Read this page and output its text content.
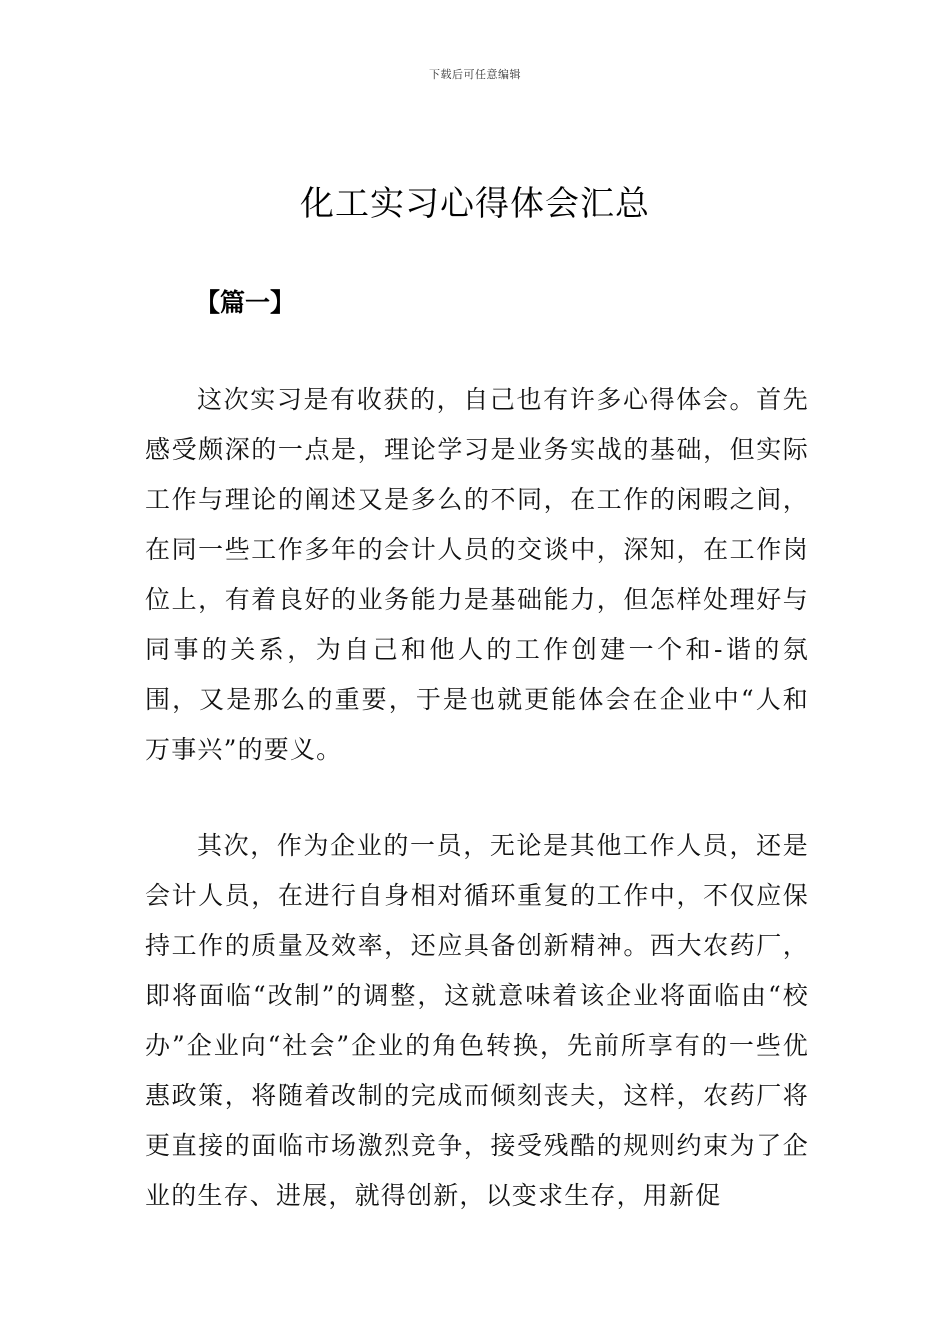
下载后可任意编辑
化工实习心得体会汇总
【篇一】

这次实习是有收获的，自己也有许多心得体会。首先感受颇深的一点是，理论学习是业务实战的基础，但实际工作与理论的阐述又是多么的不同，在工作的闲暇之间，在同一些工作多年的会计人员的交谈中，深知，在工作岗位上，有着良好的业务能力是基础能力，但怎样处理好与同事的关系，为自己和他人的工作创建一个和-谐的氛围，又是那么的重要，于是也就更能体会在企业中“人和万事兴”的要义。

其次，作为企业的一员，无论是其他工作人员，还是会计人员，在进行自身相对循环重复的工作中，不仅应保持工作的质量及效率，还应具备创新精神。西大农药厂，即将面临“改制”的调整，这就意味着该企业将面临由“校办”企业向“社会”企业的角色转换，先前所享有的一些优惠政策，将随着改制的完成而倾刻丧夫，这样，农药厂将更直接的面临市场激烈竞争，接受残酷的规则约束为了企业的生存、进展，就得创新，以变求生存，用新促
